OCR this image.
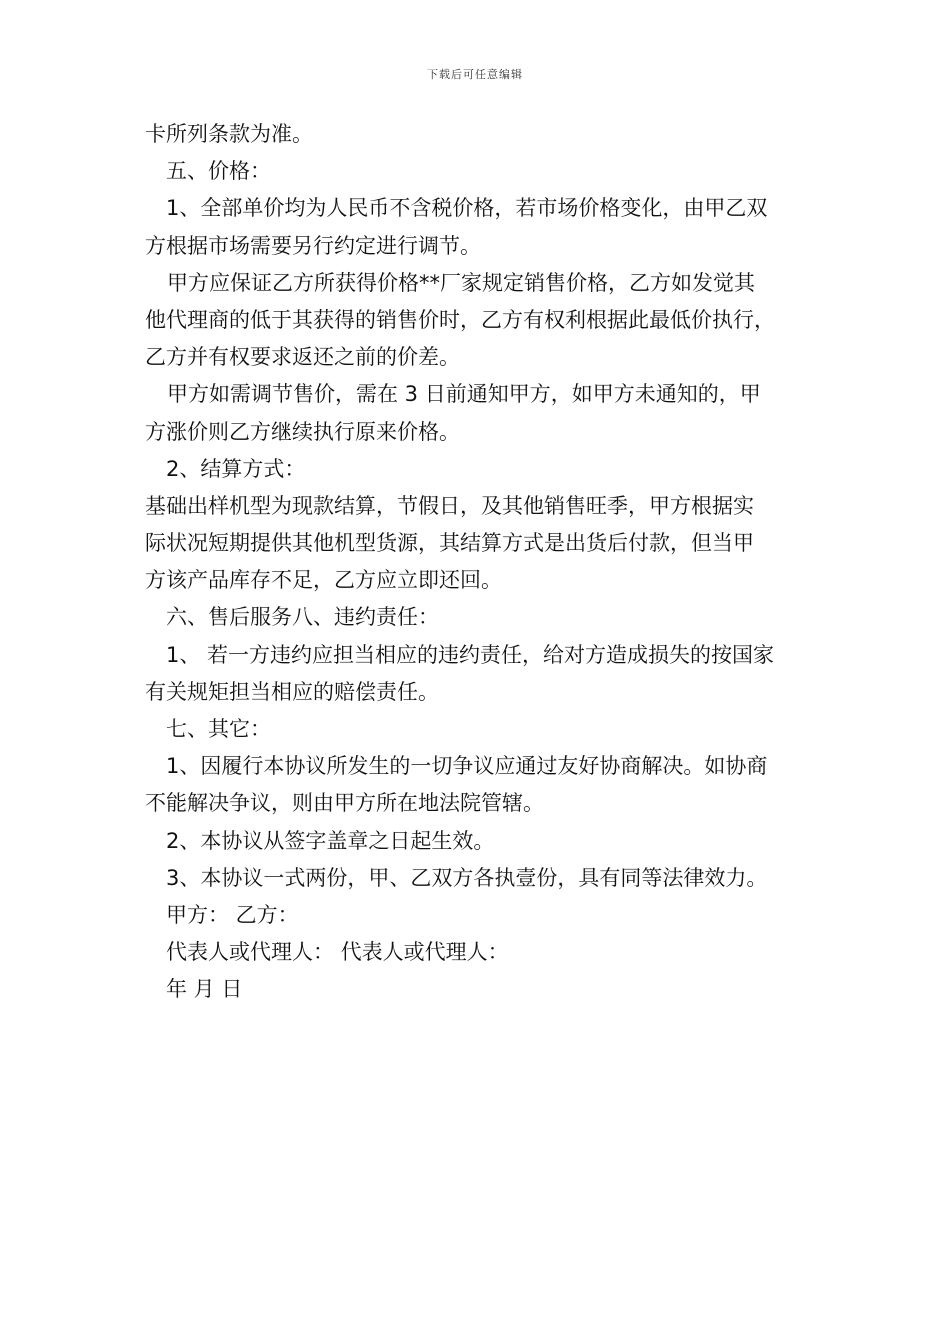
下载后可任意编辑
卡所列条款为准。
五、价格：
1、全部单价均为人民币不含税价格，若市场价格变化，由甲乙双
方根据市场需要另行约定进行调节。
甲方应保证乙方所获得价格**厂家规定销售价格，乙方如发觉其
他代理商的低于其获得的销售价时，乙方有权利根据此最低价执行，
乙方并有权要求返还之前的价差。
甲方如需调节售价，需在 3 日前通知甲方，如甲方未通知的，甲
方涨价则乙方继续执行原来价格。
2、结算方式：
基础出样机型为现款结算，节假日，及其他销售旺季，甲方根据实
际状况短期提供其他机型货源，其结算方式是出货后付款，但当甲
方该产品库存不足，乙方应立即还回。
六、售后服务八、违约责任：
1、 若一方违约应担当相应的违约责任，给对方造成损失的按国家
有关规矩担当相应的赔偿责任。
七、其它：
1、因履行本协议所发生的一切争议应通过友好协商解决。如协商
不能解决争议，则由甲方所在地法院管辖。
2、本协议从签字盖章之日起生效。
3、本协议一式两份，甲、乙双方各执壹份，具有同等法律效力。
甲方： 乙方：
代表人或代理人： 代表人或代理人：
年 月 日
